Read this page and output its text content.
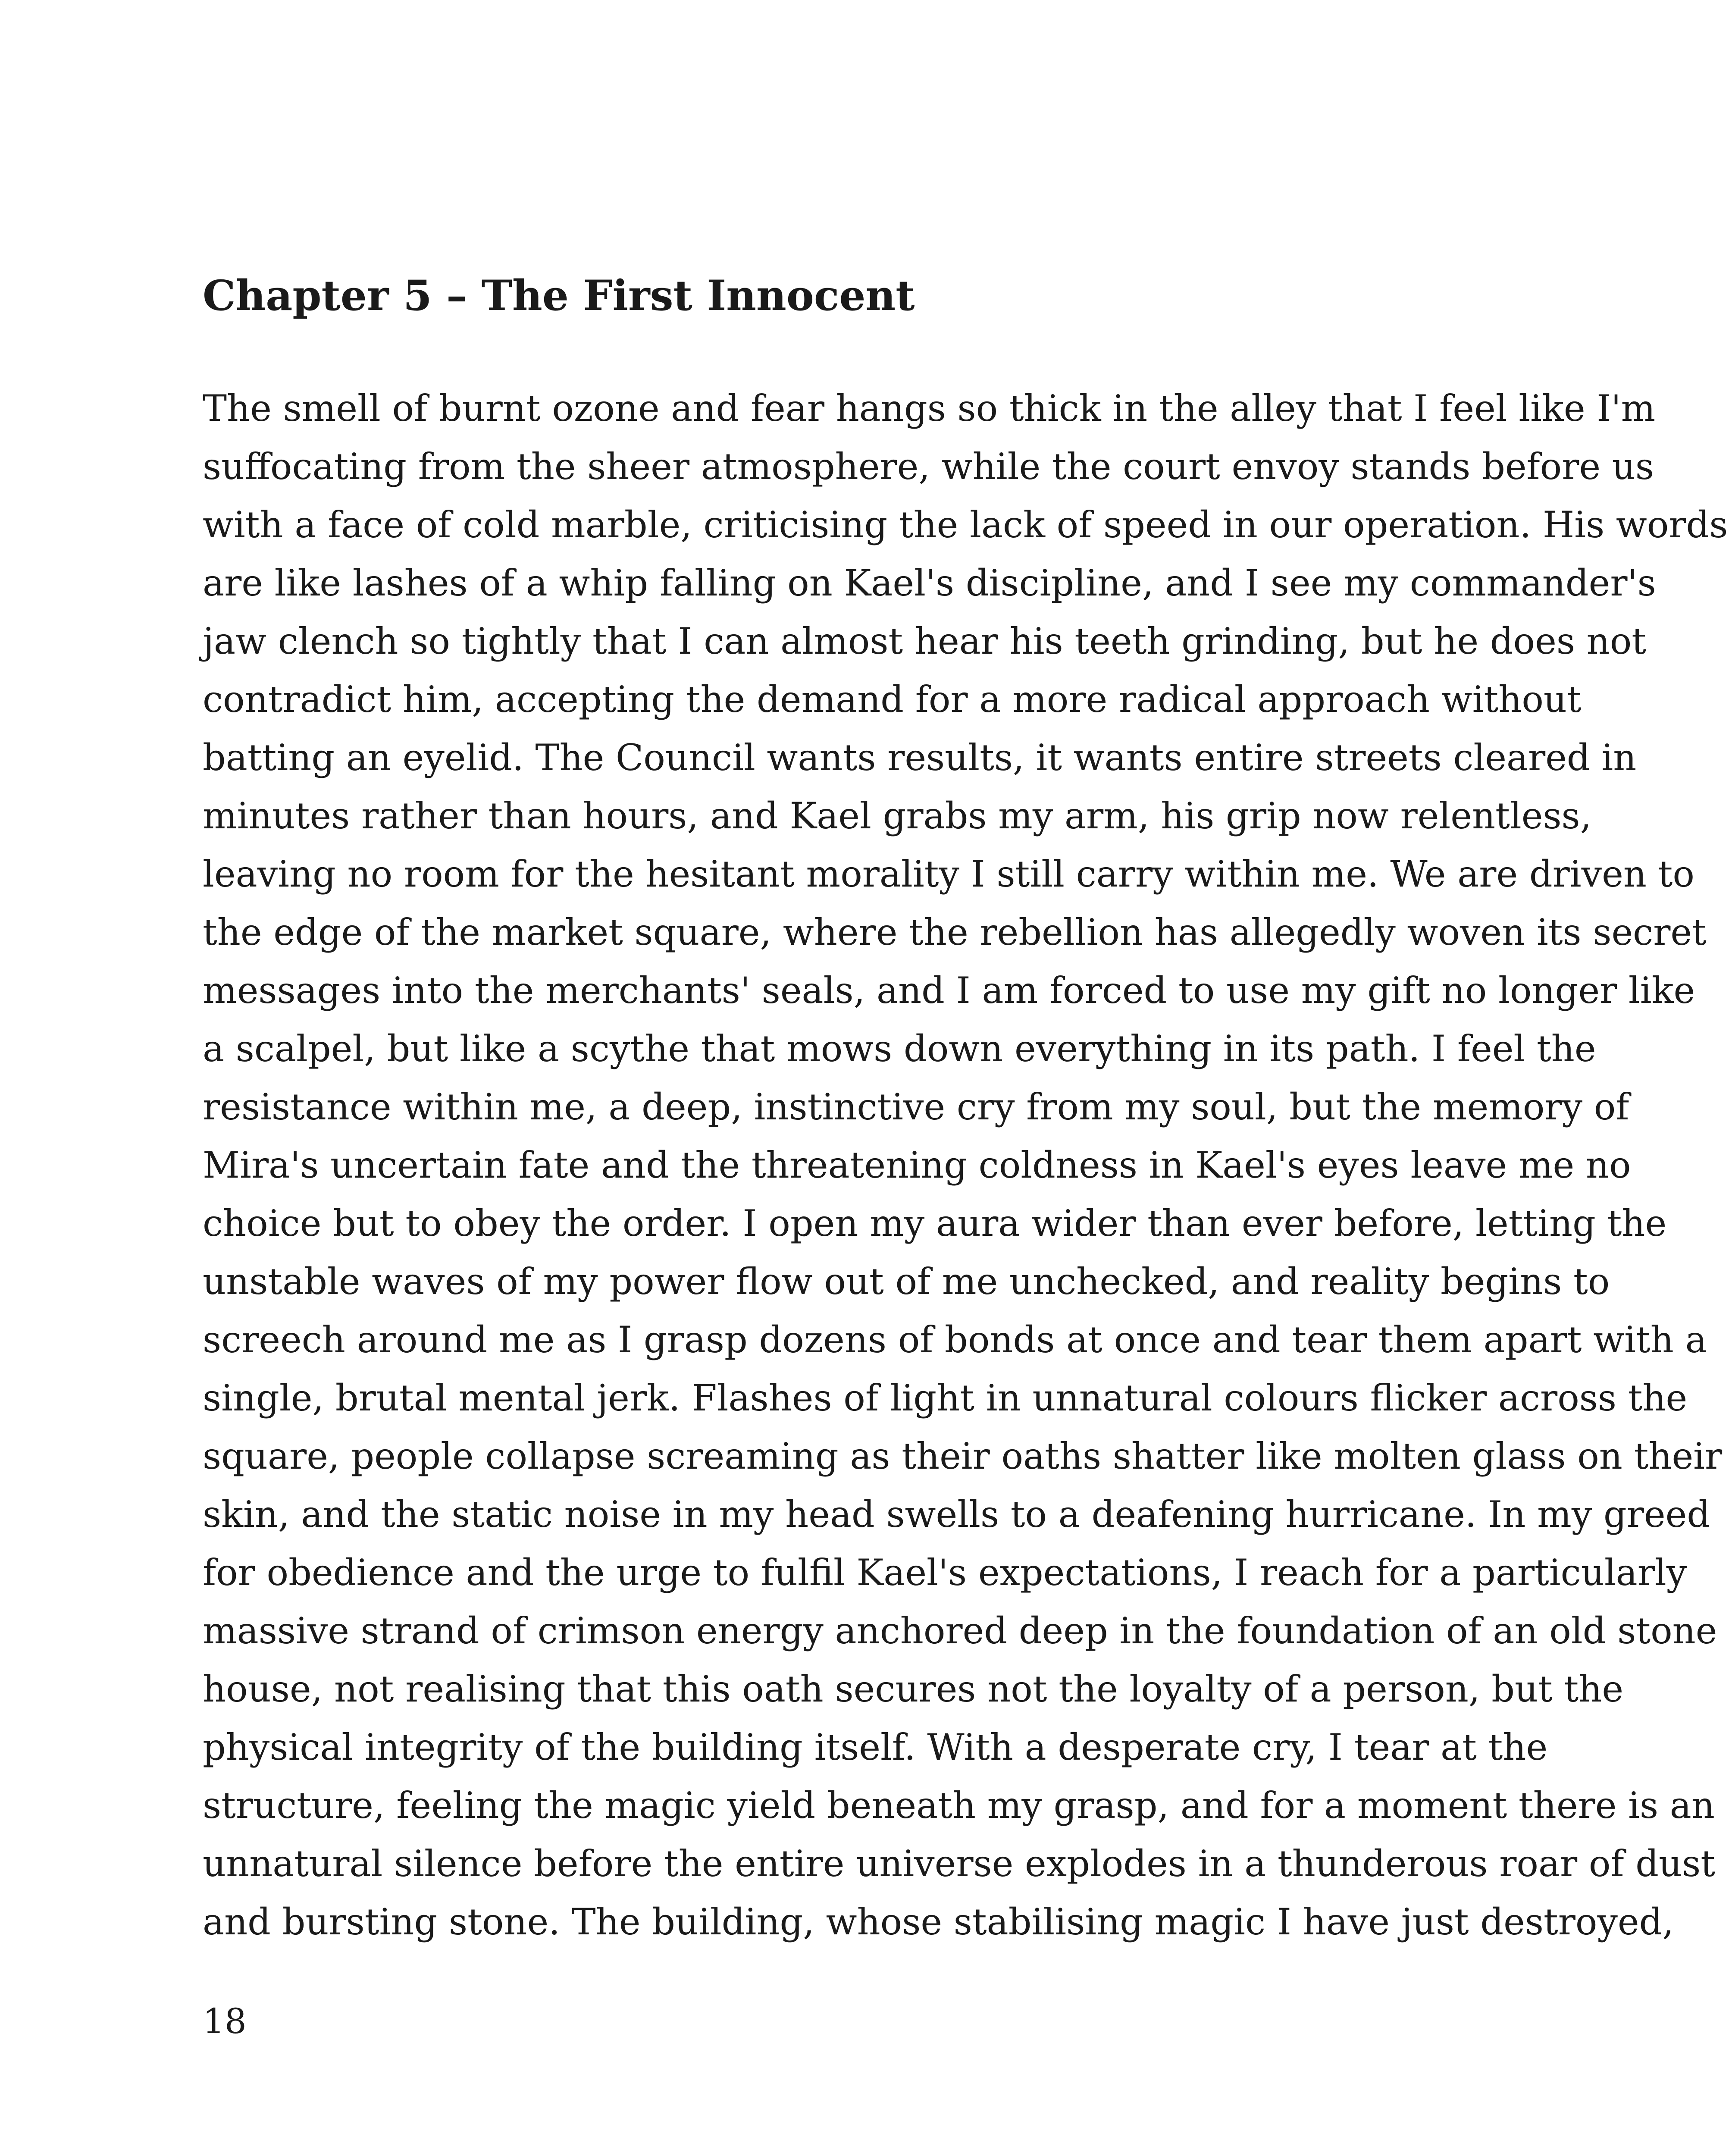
Chapter 5 – The First Innocent
The smell of burnt ozone and fear hangs so thick in the alley that I feel like I'm
suffocating from the sheer atmosphere, while the court envoy stands before us
with a face of cold marble, criticising the lack of speed in our operation. His words
are like lashes of a whip falling on Kael's discipline, and I see my commander's
jaw clench so tightly that I can almost hear his teeth grinding, but he does not
contradict him, accepting the demand for a more radical approach without
batting an eyelid. The Council wants results, it wants entire streets cleared in
minutes rather than hours, and Kael grabs my arm, his grip now relentless,
leaving no room for the hesitant morality I still carry within me. We are driven to
the edge of the market square, where the rebellion has allegedly woven its secret
messages into the merchants' seals, and I am forced to use my gift no longer like
a scalpel, but like a scythe that mows down everything in its path. I feel the
resistance within me, a deep, instinctive cry from my soul, but the memory of
Mira's uncertain fate and the threatening coldness in Kael's eyes leave me no
choice but to obey the order. I open my aura wider than ever before, letting the
unstable waves of my power flow out of me unchecked, and reality begins to
screech around me as I grasp dozens of bonds at once and tear them apart with a
single, brutal mental jerk. Flashes of light in unnatural colours flicker across the
square, people collapse screaming as their oaths shatter like molten glass on their
skin, and the static noise in my head swells to a deafening hurricane. In my greed
for obedience and the urge to fulfil Kael's expectations, I reach for a particularly
massive strand of crimson energy anchored deep in the foundation of an old stone
house, not realising that this oath secures not the loyalty of a person, but the
physical integrity of the building itself. With a desperate cry, I tear at the
structure, feeling the magic yield beneath my grasp, and for a moment there is an
unnatural silence before the entire universe explodes in a thunderous roar of dust
and bursting stone. The building, whose stabilising magic I have just destroyed,

18
